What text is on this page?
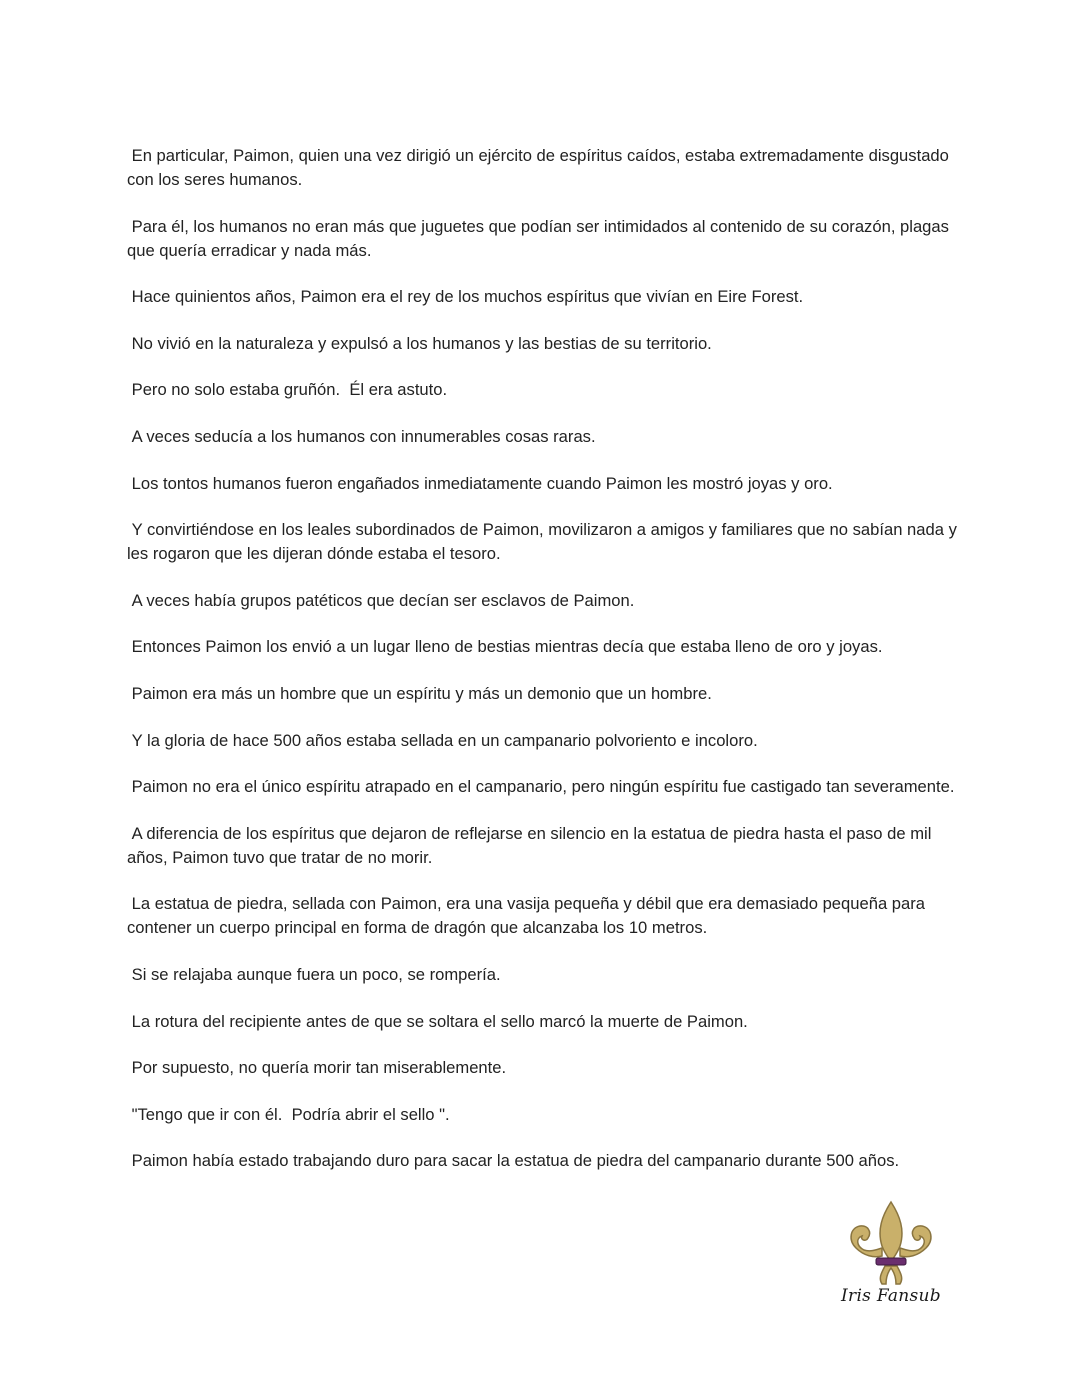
En particular, Paimon, quien una vez dirigió un ejército de espíritus caídos, estaba extremadamente disgustado con los seres humanos.

Para él, los humanos no eran más que juguetes que podían ser intimidados al contenido de su corazón, plagas que quería erradicar y nada más.

Hace quinientos años, Paimon era el rey de los muchos espíritus que vivían en Eire Forest.

No vivió en la naturaleza y expulsó a los humanos y las bestias de su territorio.

Pero no solo estaba gruñón.  Él era astuto.

A veces seducía a los humanos con innumerables cosas raras.

Los tontos humanos fueron engañados inmediatamente cuando Paimon les mostró joyas y oro.

Y convirtiéndose en los leales subordinados de Paimon, movilizaron a amigos y familiares que no sabían nada y les rogaron que les dijeran dónde estaba el tesoro.

A veces había grupos patéticos que decían ser esclavos de Paimon.

Entonces Paimon los envió a un lugar lleno de bestias mientras decía que estaba lleno de oro y joyas.

Paimon era más un hombre que un espíritu y más un demonio que un hombre.

Y la gloria de hace 500 años estaba sellada en un campanario polvoriento e incoloro.

Paimon no era el único espíritu atrapado en el campanario, pero ningún espíritu fue castigado tan severamente.

A diferencia de los espíritus que dejaron de reflejarse en silencio en la estatua de piedra hasta el paso de mil años, Paimon tuvo que tratar de no morir.

La estatua de piedra, sellada con Paimon, era una vasija pequeña y débil que era demasiado pequeña para contener un cuerpo principal en forma de dragón que alcanzaba los 10 metros.

Si se relajaba aunque fuera un poco, se rompería.

La rotura del recipiente antes de que se soltara el sello marcó la muerte de Paimon.

Por supuesto, no quería morir tan miserablemente.

"Tengo que ir con él.  Podría abrir el sello ".

Paimon había estado trabajando duro para sacar la estatua de piedra del campanario durante 500 años.

Iris Fansub
